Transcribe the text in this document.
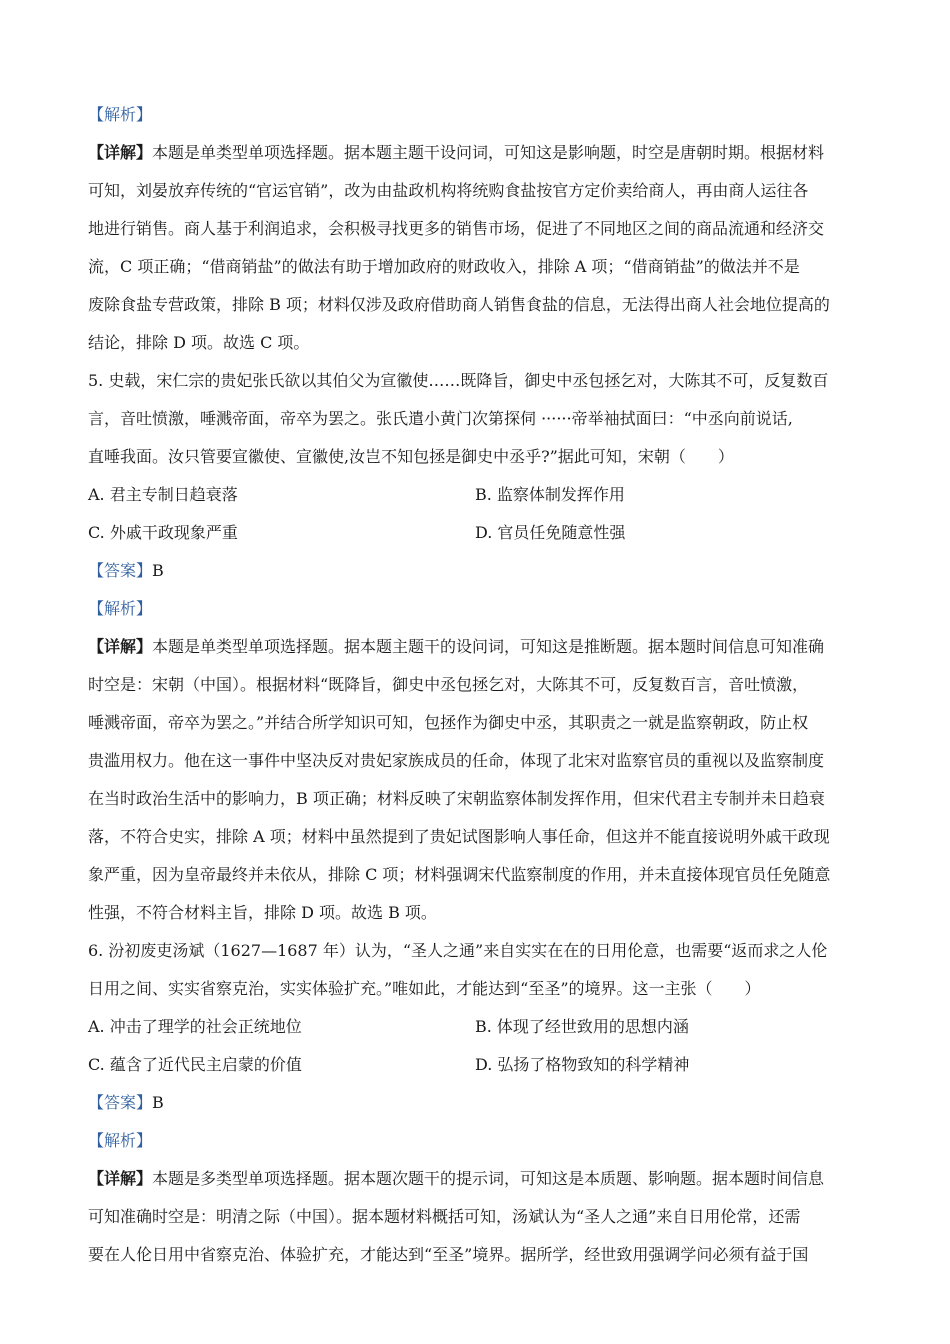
【解析】
【详解】本题是单类型单项选择题。据本题主题干设问词，可知这是影响题，时空是唐朝时期。根据材料
可知，刘晏放弃传统的“官运官销”，改为由盐政机构将统购食盐按官方定价卖给商人，再由商人运往各
地进行销售。商人基于利润追求，会积极寻找更多的销售市场，促进了不同地区之间的商品流通和经济交
流，C 项正确；“借商销盐”的做法有助于增加政府的财政收入，排除 A 项；“借商销盐”的做法并不是
废除食盐专营政策，排除 B 项；材料仅涉及政府借助商人销售食盐的信息，无法得出商人社会地位提高的
结论，排除 D 项。故选 C 项。
5. 史载，宋仁宗的贵妃张氏欲以其伯父为宣徽使……既降旨，御史中丞包拯乞对，大陈其不可，反复数百
言，音吐愤激，唾溅帝面，帝卒为罢之。张氏遣小黄门次第探伺 ······帝举袖拭面曰：“中丞向前说话,
直唾我面。汝只管要宣徽使、宣徽使,汝岂不知包拯是御史中丞乎?”据此可知，宋朝（　　）
A. 君主专制日趋衰落	B. 监察体制发挥作用
C. 外戚干政现象严重	D. 官员任免随意性强
【答案】B
【解析】
【详解】本题是单类型单项选择题。据本题主题干的设问词，可知这是推断题。据本题时间信息可知准确
时空是：宋朝（中国）。根据材料“既降旨，御史中丞包拯乞对，大陈其不可，反复数百言，音吐愤激，
唾溅帝面，帝卒为罢之。”并结合所学知识可知，包拯作为御史中丞，其职责之一就是监察朝政，防止权
贵滥用权力。他在这一事件中坚决反对贵妃家族成员的任命，体现了北宋对监察官员的重视以及监察制度
在当时政治生活中的影响力，B 项正确；材料反映了宋朝监察体制发挥作用，但宋代君主专制并未日趋衰
落，不符合史实，排除 A 项；材料中虽然提到了贵妃试图影响人事任命，但这并不能直接说明外戚干政现
象严重，因为皇帝最终并未依从，排除 C 项；材料强调宋代监察制度的作用，并未直接体现官员任免随意
性强，不符合材料主旨，排除 D 项。故选 B 项。
6. 汾初废吏汤斌（1627—1687 年）认为，“圣人之通”来自实实在在的日用伦意，也需要“返而求之人伦
日用之间、实实省察克治，实实体验扩充。”唯如此，才能达到“至圣”的境界。这一主张（　　）
A. 冲击了理学的社会正统地位	B. 体现了经世致用的思想内涵
C. 蕴含了近代民主启蒙的价值	D. 弘扬了格物致知的科学精神
【答案】B
【解析】
【详解】本题是多类型单项选择题。据本题次题干的提示词，可知这是本质题、影响题。据本题时间信息
可知准确时空是：明清之际（中国）。据本题材料概括可知，汤斌认为“圣人之通”来自日用伦常，还需
要在人伦日用中省察克治、体验扩充，才能达到“至圣”境界。据所学，经世致用强调学问必须有益于国
